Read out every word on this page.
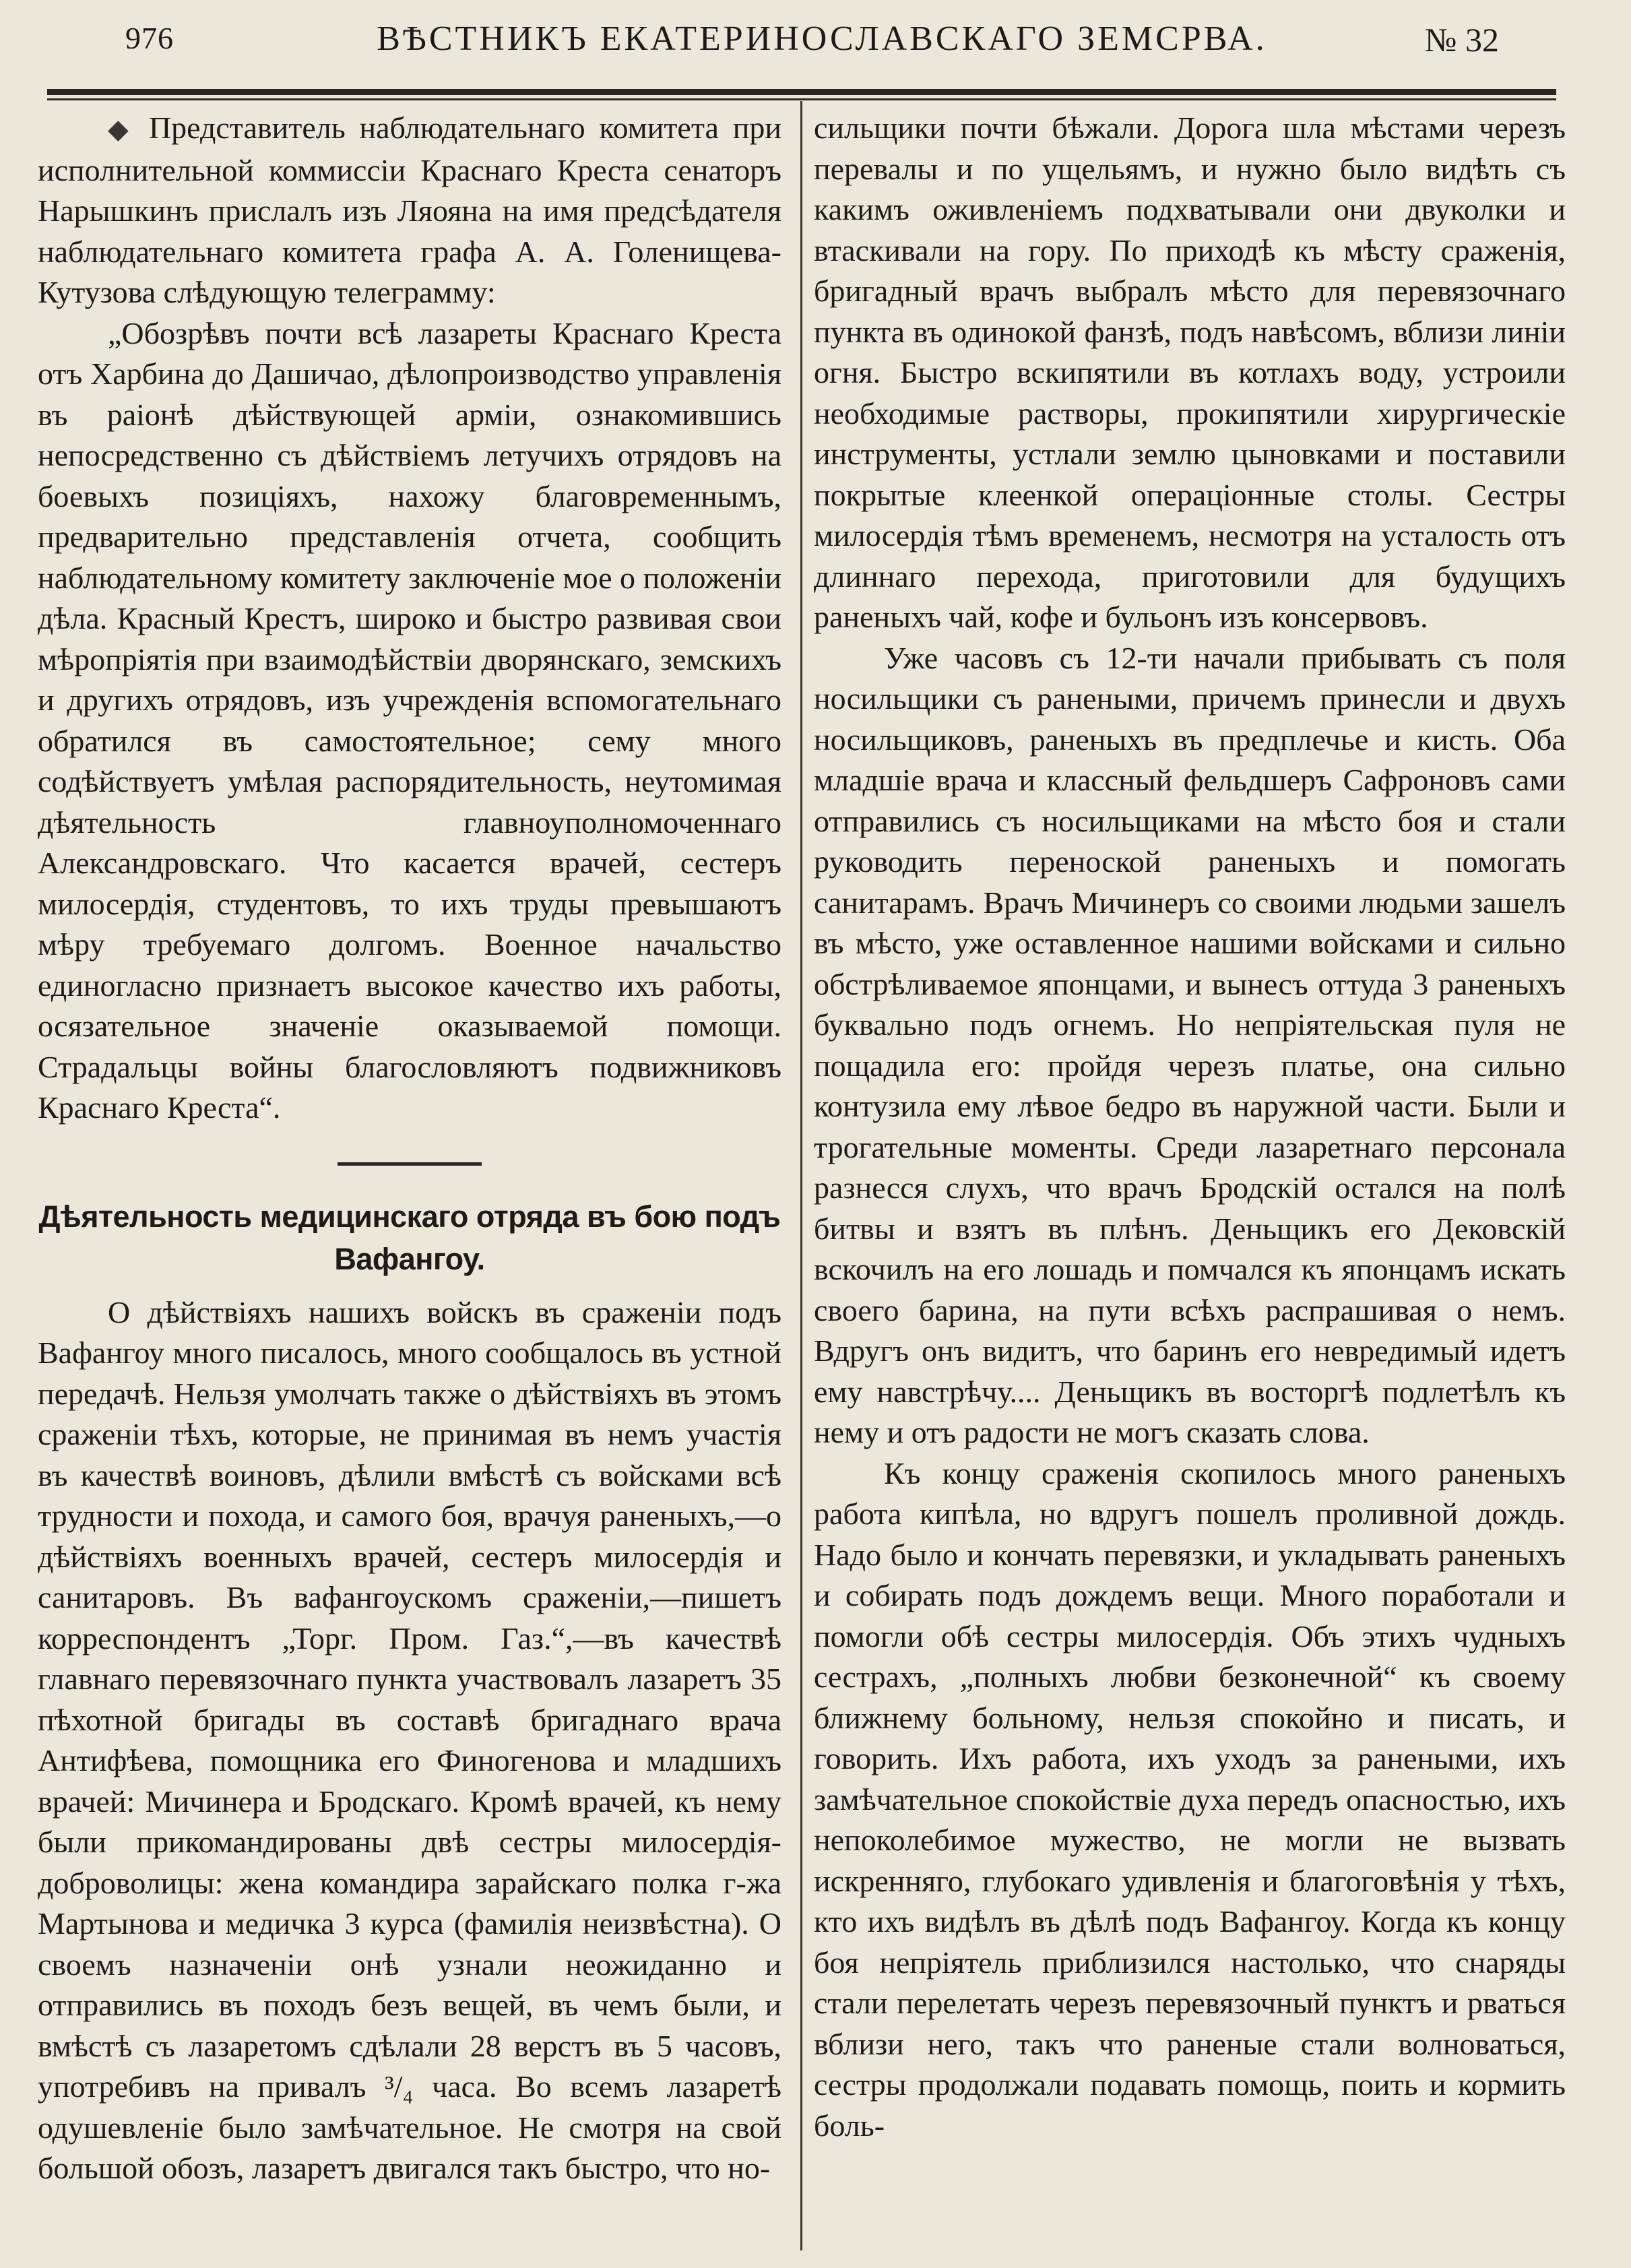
976	ВѢСТНИКЪ ЕКАТЕРИНОСЛАВСКАГО ЗЕМСРВА.	№ 32

◆ Представитель наблюдательнаго комитета при исполнительной коммиссіи Краснаго Креста сенаторъ Нарышкинъ прислалъ изъ Ляояна на имя предсѣдателя наблюдательнаго комитета графа А. А. Голенищева-Кутузова слѣдующую телеграмму:

„Обозрѣвъ почти всѣ лазареты Краснаго Креста отъ Харбина до Дашичао, дѣлопроизводство управленія въ раіонѣ дѣйствующей арміи, ознакомившись непосредственно съ дѣйствіемъ летучихъ отрядовъ на боевыхъ позиціяхъ, нахожу благовременнымъ, предварительно представленія отчета, сообщить наблюдательному комитету заключеніе мое о положеніи дѣла. Красный Крестъ, широко и быстро развивая свои мѣропріятія при взаимодѣйствіи дворянскаго, земскихъ и другихъ отрядовъ, изъ учрежденія вспомогательнаго обратился въ самостоятельное; сему много содѣйствуетъ умѣлая распорядительность, неутомимая дѣятельность главноуполномоченнаго Александровскаго. Что касается врачей, сестеръ милосердія, студентовъ, то ихъ труды превышаютъ мѣру требуемаго долгомъ. Военное начальство единогласно признаетъ высокое качество ихъ работы, осязательное значеніе оказываемой помощи. Страдальцы войны благословляютъ подвижниковъ Краснаго Креста“.

Дѣятельность медицинскаго отряда въ бою подъ
Вафангоу.

О дѣйствіяхъ нашихъ войскъ въ сраженіи подъ Вафангоу много писалось, много сообщалось въ устной передачѣ. Нельзя умолчать также о дѣйствіяхъ въ этомъ сраженіи тѣхъ, которые, не принимая въ немъ участія въ качествѣ воиновъ, дѣлили вмѣстѣ съ войсками всѣ трудности и похода, и самого боя, врачуя раненыхъ,—о дѣйствіяхъ военныхъ врачей, сестеръ милосердія и санитаровъ. Въ вафангоускомъ сраженіи,—пишетъ корреспондентъ „Торг. Пром. Газ.“,—въ качествѣ главнаго перевязочнаго пункта участвовалъ лазаретъ 35 пѣхотной бригады въ составѣ бригаднаго врача Антифѣева, помощника его Финогенова и младшихъ врачей: Мичинера и Бродскаго. Кромѣ врачей, къ нему были прикомандированы двѣ сестры милосердія-доброволицы: жена командира зарайскаго полка г-жа Мартынова и медичка 3 курса (фамилія неизвѣстна). О своемъ назначеніи онѣ узнали неожиданно и отправились въ походъ безъ вещей, въ чемъ были, и вмѣстѣ съ лазаретомъ сдѣлали 28 верстъ въ 5 часовъ, употребивъ на привалъ ³/₄ часа. Во всемъ лазаретѣ одушевленіе было замѣчательное. Не смотря на свой большой обозъ, лазаретъ двигался такъ быстро, что но-

сильщики почти бѣжали. Дорога шла мѣстами черезъ перевалы и по ущельямъ, и нужно было видѣть съ какимъ оживленіемъ подхватывали они двуколки и втаскивали на гору. По приходѣ къ мѣсту сраженія, бригадный врачъ выбралъ мѣсто для перевязочнаго пункта въ одинокой фанзѣ, подъ навѣсомъ, вблизи линіи огня. Быстро вскипятили въ котлахъ воду, устроили необходимые растворы, прокипятили хирургическіе инструменты, устлали землю цыновками и поставили покрытые клеенкой операціонные столы. Сестры милосердія тѣмъ временемъ, несмотря на усталость отъ длиннаго перехода, приготовили для будущихъ раненыхъ чай, кофе и бульонъ изъ консервовъ.

Уже часовъ съ 12-ти начали прибывать съ поля носильщики съ ранеными, причемъ принесли и двухъ носильщиковъ, раненыхъ въ предплечье и кисть. Оба младшіе врача и классный фельдшеръ Сафроновъ сами отправились съ носильщиками на мѣсто боя и стали руководить переноской раненыхъ и помогать санитарамъ. Врачъ Мичинеръ со своими людьми зашелъ въ мѣсто, уже оставленное нашими войсками и сильно обстрѣливаемое японцами, и вынесъ оттуда 3 раненыхъ буквально подъ огнемъ. Но непріятельская пуля не пощадила его: пройдя черезъ платье, она сильно контузила ему лѣвое бедро въ наружной части. Были и трогательные моменты. Среди лазаретнаго персонала разнесся слухъ, что врачъ Бродскій остался на полѣ битвы и взятъ въ плѣнъ. Деньщикъ его Дековскій вскочилъ на его лошадь и помчался къ японцамъ искать своего барина, на пути всѣхъ распрашивая о немъ. Вдругъ онъ видитъ, что баринъ его невредимый идетъ ему навстрѣчу.... Деньщикъ въ восторгѣ подлетѣлъ къ нему и отъ радости не могъ сказать слова.

Къ концу сраженія скопилось много раненыхъ работа кипѣла, но вдругъ пошелъ проливной дождь. Надо было и кончать перевязки, и укладывать раненыхъ и собирать подъ дождемъ вещи. Много поработали и помогли обѣ сестры милосердія. Объ этихъ чудныхъ сестрахъ, „полныхъ любви безконечной“ къ своему ближнему больному, нельзя спокойно и писать, и говорить. Ихъ работа, ихъ уходъ за ранеными, ихъ замѣчательное спокойствіе духа передъ опасностью, ихъ непоколебимое мужество, не могли не вызвать искренняго, глубокаго удивленія и благоговѣнія у тѣхъ, кто ихъ видѣлъ въ дѣлѣ подъ Вафангоу. Когда къ концу боя непріятель приблизился настолько, что снаряды стали перелетать черезъ перевязочный пунктъ и рваться вблизи него, такъ что раненые стали волноваться, сестры продолжали подавать помощь, поить и кормить боль-
